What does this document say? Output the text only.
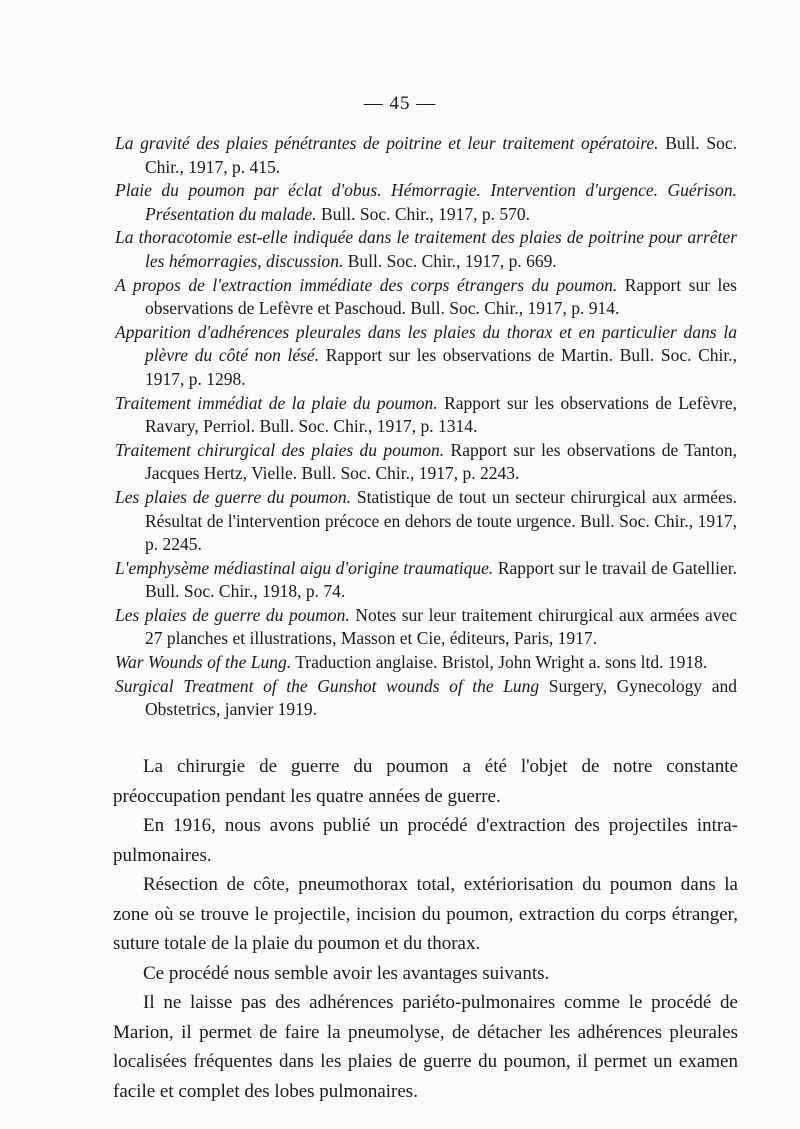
— 45 —
La gravité des plaies pénétrantes de poitrine et leur traitement opératoire. Bull. Soc. Chir., 1917, p. 415.
Plaie du poumon par éclat d'obus. Hémorragie. Intervention d'urgence. Guérison. Présentation du malade. Bull. Soc. Chir., 1917, p. 570.
La thoracotomie est-elle indiquée dans le traitement des plaies de poitrine pour arrêter les hémorragies, discussion. Bull. Soc. Chir., 1917, p. 669.
A propos de l'extraction immédiate des corps étrangers du poumon. Rapport sur les observations de Lefèvre et Paschoud. Bull. Soc. Chir., 1917, p. 914.
Apparition d'adhérences pleurales dans les plaies du thorax et en particulier dans la plèvre du côté non lésé. Rapport sur les observations de Martin. Bull. Soc. Chir., 1917, p. 1298.
Traitement immédiat de la plaie du poumon. Rapport sur les observations de Lefèvre, Ravary, Perriol. Bull. Soc. Chir., 1917, p. 1314.
Traitement chirurgical des plaies du poumon. Rapport sur les observations de Tanton, Jacques Hertz, Vielle. Bull. Soc. Chir., 1917, p. 2243.
Les plaies de guerre du poumon. Statistique de tout un secteur chirurgical aux armées. Résultat de l'intervention précoce en dehors de toute urgence. Bull. Soc. Chir., 1917, p. 2245.
L'emphysème médiastinal aigu d'origine traumatique. Rapport sur le travail de Gatellier. Bull. Soc. Chir., 1918, p. 74.
Les plaies de guerre du poumon. Notes sur leur traitement chirurgical aux armées avec 27 planches et illustrations, Masson et Cie, éditeurs, Paris, 1917.
War Wounds of the Lung. Traduction anglaise. Bristol, John Wright a. sons ltd. 1918.
Surgical Treatment of the Gunshot wounds of the Lung Surgery, Gynecology and Obstetrics, janvier 1919.

La chirurgie de guerre du poumon a été l'objet de notre constante préoccupation pendant les quatre années de guerre.

En 1916, nous avons publié un procédé d'extraction des projectiles intra-pulmonaires.

Résection de côte, pneumothorax total, extériorisation du poumon dans la zone où se trouve le projectile, incision du poumon, extraction du corps étranger, suture totale de la plaie du poumon et du thorax.

Ce procédé nous semble avoir les avantages suivants.

Il ne laisse pas des adhérences pariéto-pulmonaires comme le procédé de Marion, il permet de faire la pneumolyse, de détacher les adhérences pleurales localisées fréquentes dans les plaies de guerre du poumon, il permet un examen facile et complet des lobes pulmonaires.
